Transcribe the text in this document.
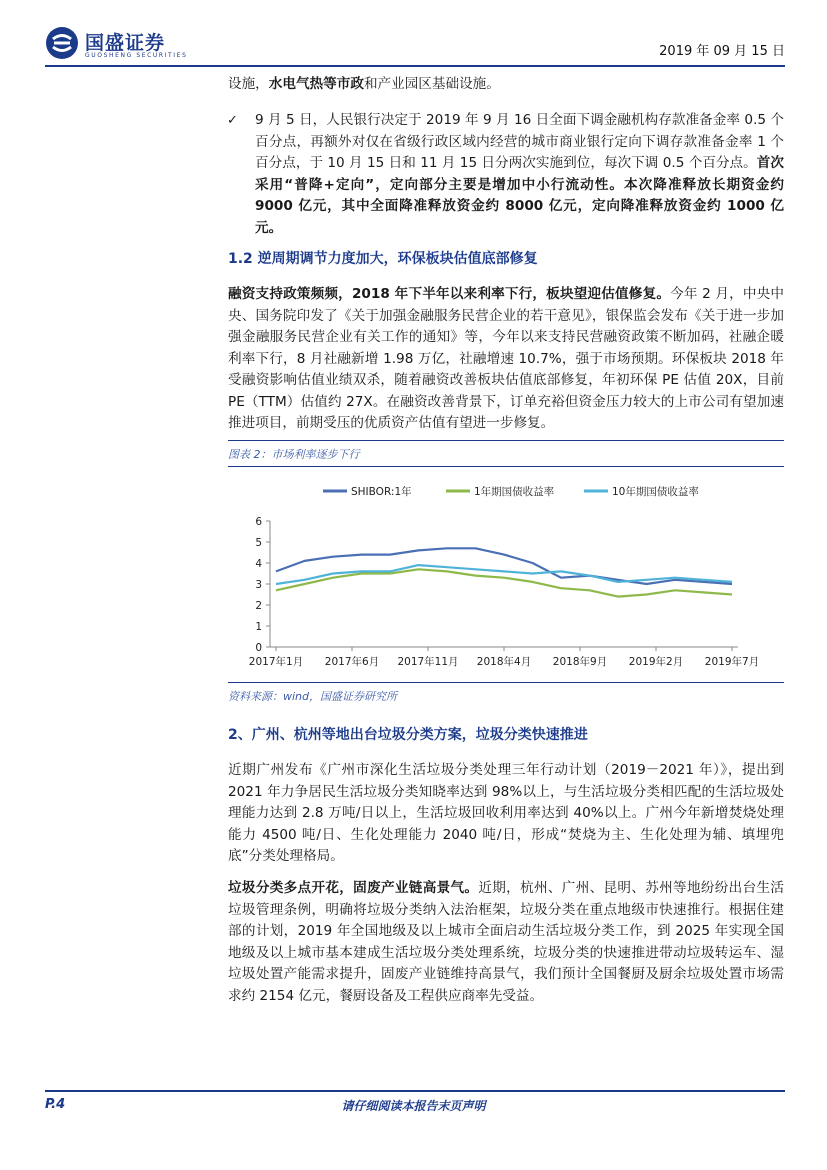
国盛证券
GUOSHENG SECURITIES	2019 年 09 月 15 日

设施，水电气热等市政和产业园区基础设施。

✓ 9 月 5 日，人民银行决定于 2019 年 9 月 16 日全面下调金融机构存款准备金率 0.5 个百分点，再额外对仅在省级行政区域内经营的城市商业银行定向下调存款准备金率 1 个百分点，于 10 月 15 日和 11 月 15 日分两次实施到位，每次下调 0.5 个百分点。首次采用“普降+定向”，定向部分主要是增加中小行流动性。本次降准释放长期资金约 9000 亿元，其中全面降准释放资金约 8000 亿元，定向降准释放资金约 1000 亿元。

1.2 逆周期调节力度加大，环保板块估值底部修复

融资支持政策频频，2018 年下半年以来利率下行，板块望迎估值修复。今年 2 月，中央中央、国务院印发了《关于加强金融服务民营企业的若干意见》，银保监会发布《关于进一步加强金融服务民营企业有关工作的通知》等，今年以来支持民营融资政策不断加码，社融企暖利率下行，8 月社融新增 1.98 万亿，社融增速 10.7%，强于市场预期。环保板块 2018 年受融资影响估值业绩双杀，随着融资改善板块估值底部修复，年初环保 PE 估值 20X，目前 PE（TTM）估值约 27X。在融资改善背景下，订单充裕但资金压力较大的上市公司有望加速推进项目，前期受压的优质资产估值有望进一步修复。

图表 2：市场利率逐步下行
SHIBOR:1年	1年期国债收益率	10年期国债收益率
0
1
2
3
4
5
6
2017年1月 2017年6月 2017年11月 2018年4月 2018年9月 2019年2月 2019年7月
资料来源：wind，国盛证券研究所
2、广州、杭州等地出台垃圾分类方案，垃圾分类快速推进

近期广州发布《广州市深化生活垃圾分类处理三年行动计划（2019－2021 年）》，提出到 2021 年力争居民生活垃圾分类知晓率达到 98%以上，与生活垃圾分类相匹配的生活垃圾处理能力达到 2.8 万吨/日以上，生活垃圾回收利用率达到 40%以上。广州今年新增焚烧处理能力 4500 吨/日、生化处理能力 2040 吨/日，形成“焚烧为主、生化处理为辅、填埋兜底”分类处理格局。

垃圾分类多点开花，固废产业链高景气。近期，杭州、广州、昆明、苏州等地纷纷出台生活垃圾管理条例，明确将垃圾分类纳入法治框架，垃圾分类在重点地级市快速推行。根据住建部的计划，2019 年全国地级及以上城市全面启动生活垃圾分类工作，到 2025 年实现全国地级及以上城市基本建成生活垃圾分类处理系统，垃圾分类的快速推进带动垃圾转运车、湿垃圾处置产能需求提升，固废产业链维持高景气，我们预计全国餐厨及厨余垃圾处置市场需求约 2154 亿元，餐厨设备及工程供应商率先受益。

请仔细阅读本报告末页声明
P.4
